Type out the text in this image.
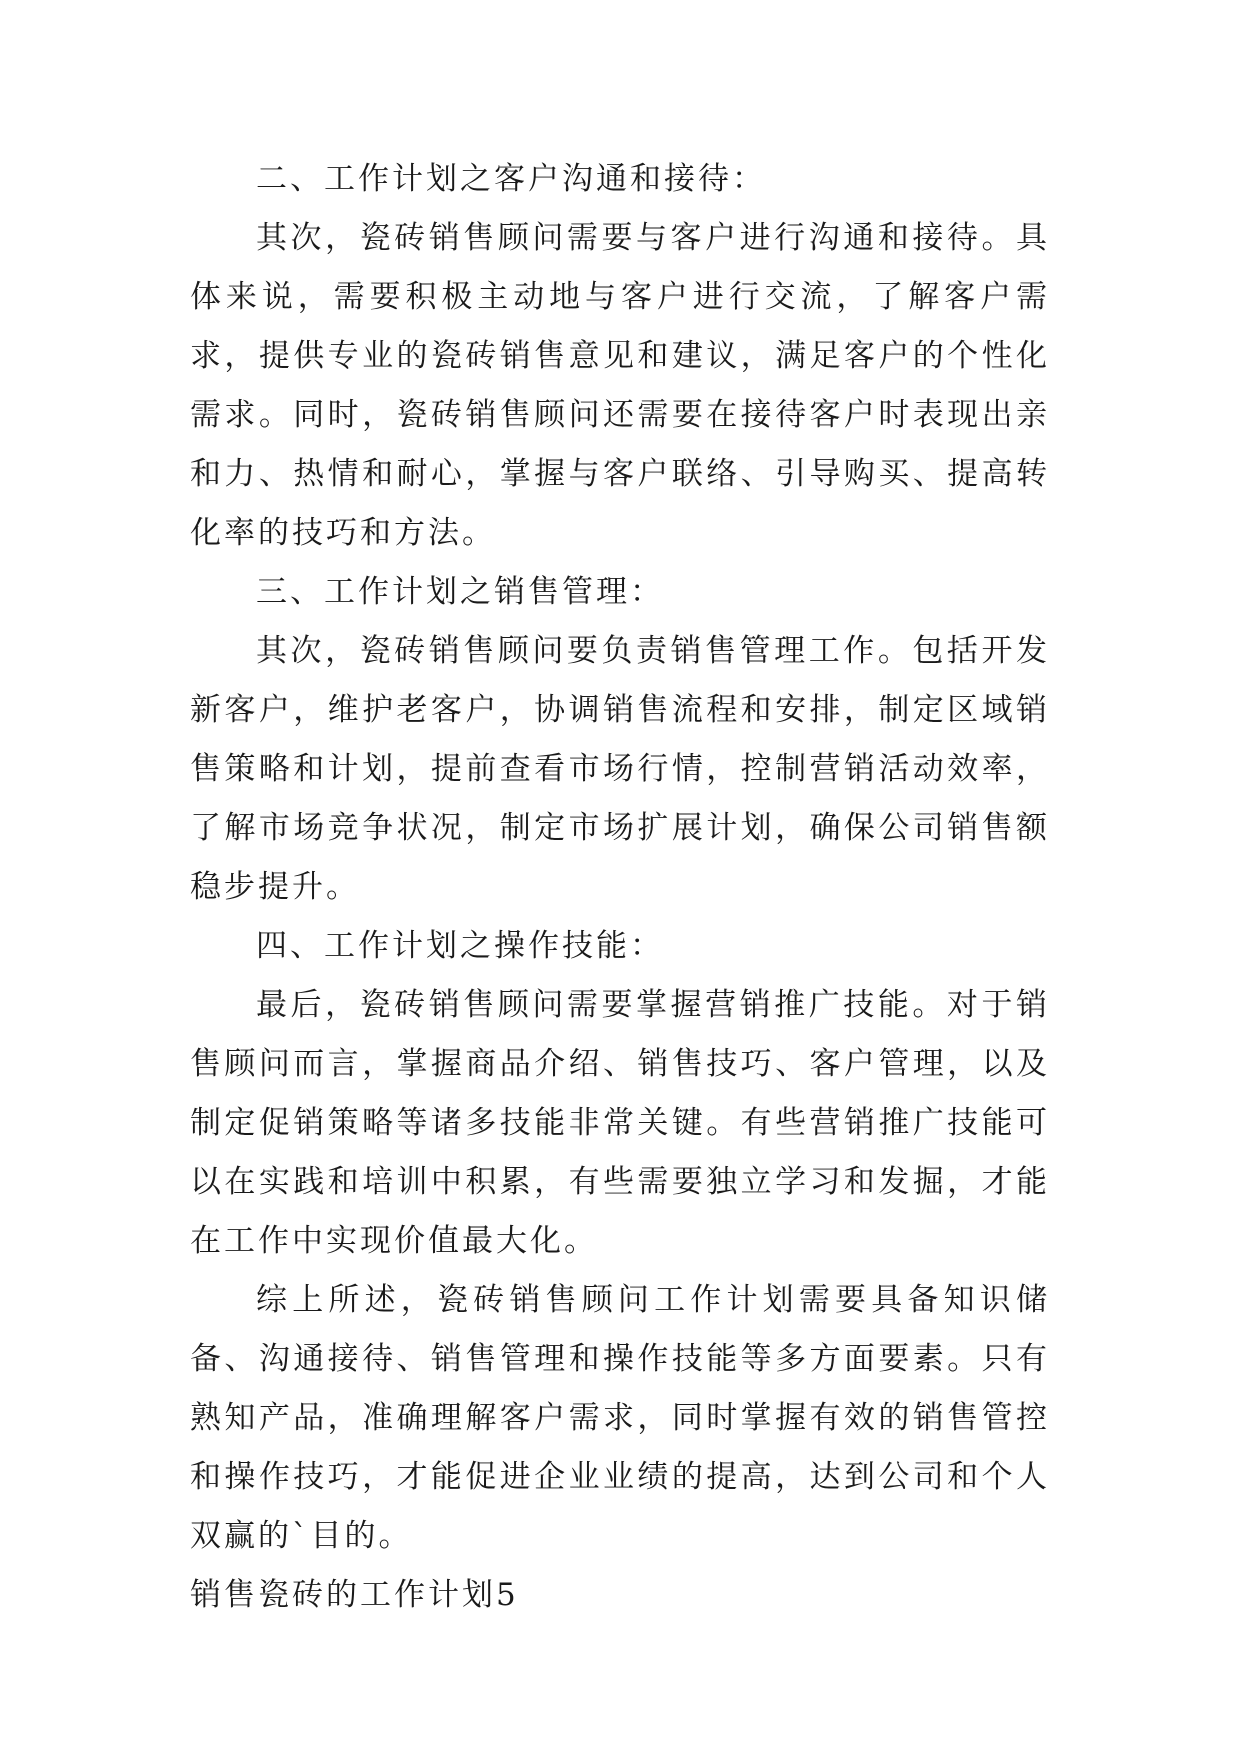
二、工作计划之客户沟通和接待：

其次，瓷砖销售顾问需要与客户进行沟通和接待。具体来说，需要积极主动地与客户进行交流，了解客户需求，提供专业的瓷砖销售意见和建议，满足客户的个性化需求。同时，瓷砖销售顾问还需要在接待客户时表现出亲和力、热情和耐心，掌握与客户联络、引导购买、提高转化率的技巧和方法。

三、工作计划之销售管理：

其次，瓷砖销售顾问要负责销售管理工作。包括开发新客户，维护老客户，协调销售流程和安排，制定区域销售策略和计划，提前查看市场行情，控制营销活动效率，了解市场竞争状况，制定市场扩展计划，确保公司销售额稳步提升。

四、工作计划之操作技能：

最后，瓷砖销售顾问需要掌握营销推广技能。对于销售顾问而言，掌握商品介绍、销售技巧、客户管理，以及制定促销策略等诸多技能非常关键。有些营销推广技能可以在实践和培训中积累，有些需要独立学习和发掘，才能在工作中实现价值最大化。

综上所述，瓷砖销售顾问工作计划需要具备知识储备、沟通接待、销售管理和操作技能等多方面要素。只有熟知产品，准确理解客户需求，同时掌握有效的销售管控和操作技巧，才能促进企业业绩的提高，达到公司和个人双赢的`目的。

销售瓷砖的工作计划5
